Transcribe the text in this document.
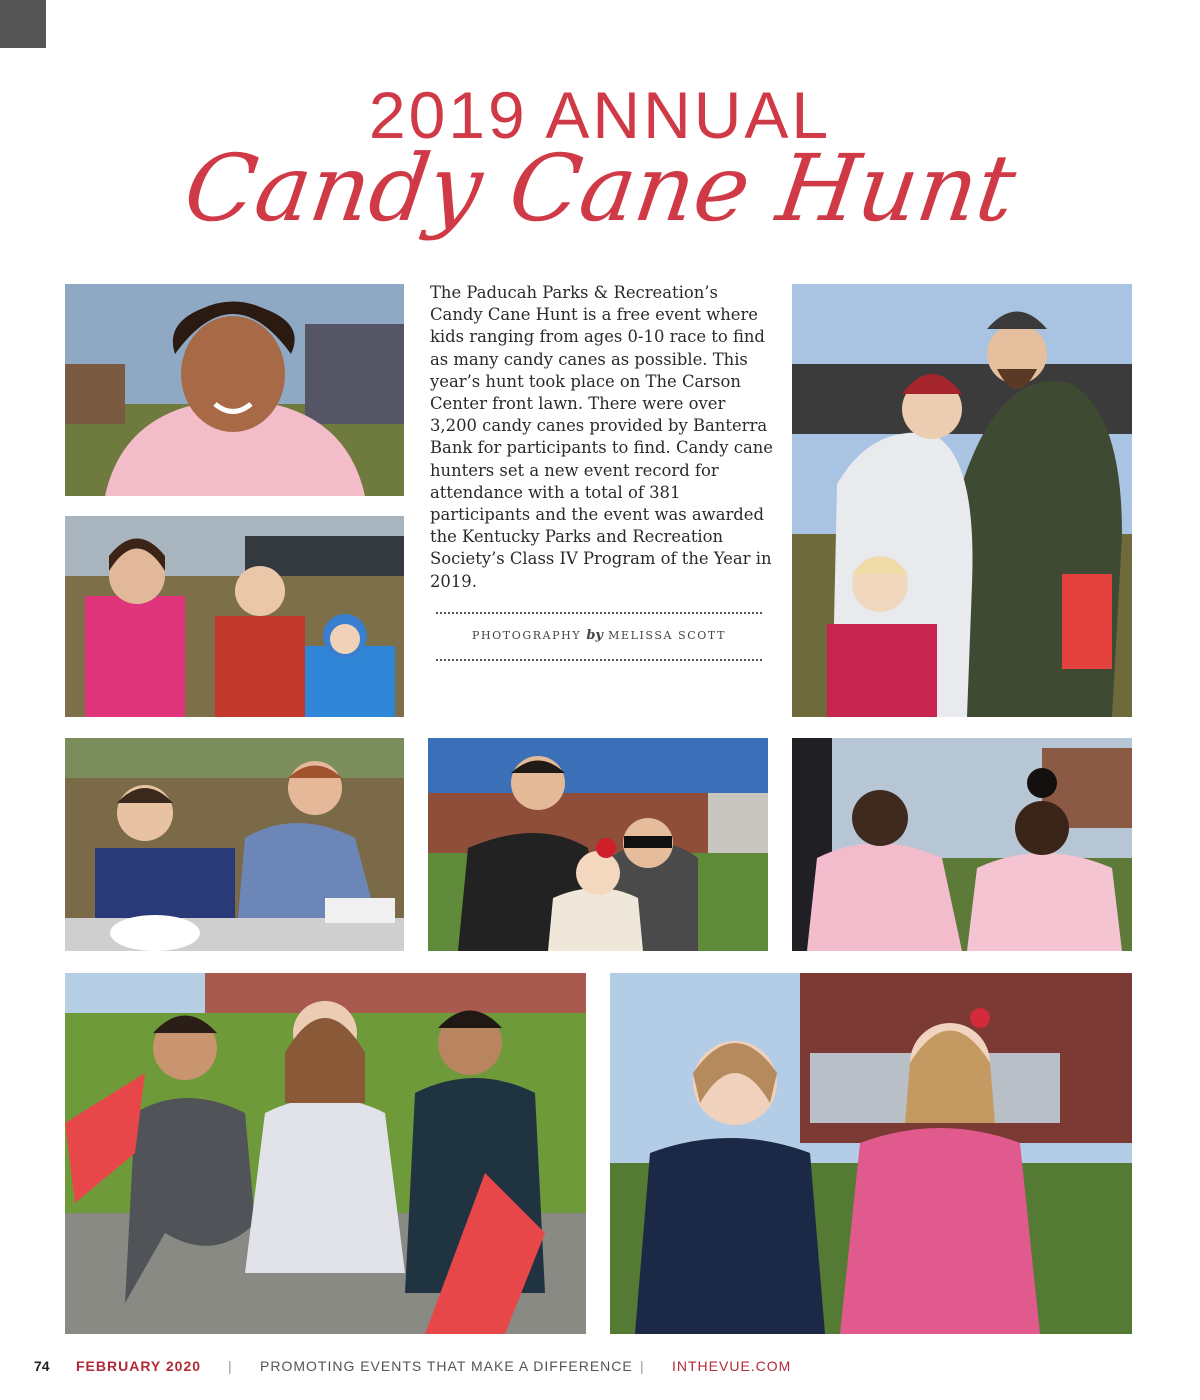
2019 ANNUAL
Candy Cane Hunt
The Paducah Parks & Recreation’s Candy Cane Hunt is a free event where kids ranging from ages 0-10 race to find as many candy canes as possible. This year’s hunt took place on The Carson Center front lawn. There were over 3,200 candy canes provided by Banterra Bank for participants to find. Candy cane hunters set a new event record for attendance with a total of 381 participants and the event was awarded the Kentucky Parks and Recreation Society’s Class IV Program of the Year in 2019.
PHOTOGRAPHY by MELISSA SCOTT
74 FEBRUARY 2020 | PROMOTING EVENTS THAT MAKE A DIFFERENCE | INTHEVUE.COM
